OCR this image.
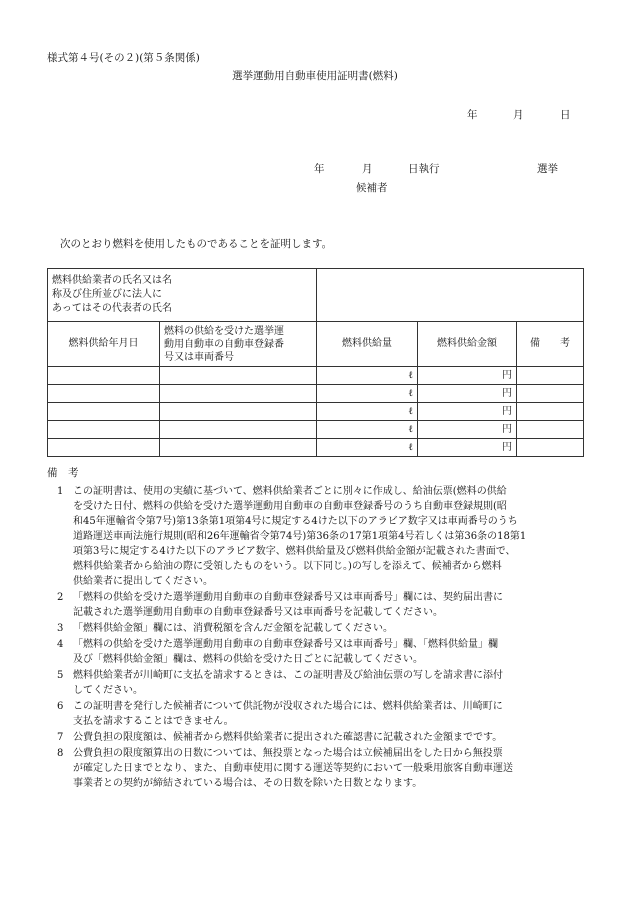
様式第４号(その２)(第５条関係)
選挙運動用自動車使用証明書(燃料)
年	月	日
年	月	日執行	選挙
候補者
次のとおり燃料を使用したものであることを証明します。
燃料供給業者の氏名又は名
称及び住所並びに法人に
あってはその代表者の氏名				
燃料供給年月日	燃料の供給を受けた選挙運
動用自動車の自動車登録番
号又は車両番号	燃料供給量	燃料供給金額	備　　考
		ℓ	円	
		ℓ	円	
		ℓ	円	
		ℓ	円	
		ℓ	円	
備　考
1 この証明書は、使用の実績に基づいて、燃料供給業者ごとに別々に作成し、給油伝票(燃料の供給
を受けた日付、燃料の供給を受けた選挙運動用自動車の自動車登録番号のうち自動車登録規則(昭
和45年運輸省令第7号)第13条第1項第4号に規定する4けた以下のアラビア数字又は車両番号のうち
道路運送車両法施行規則(昭和26年運輸省令第74号)第36条の17第1項第4号若しくは第36条の18第1
項第3号に規定する4けた以下のアラビア数字、燃料供給量及び燃料供給金額が記載された書面で、
燃料供給業者から給油の際に受領したものをいう。以下同じ。)の写しを添えて、候補者から燃料
供給業者に提出してください。
2 「燃料の供給を受けた選挙運動用自動車の自動車登録番号又は車両番号」欄には、契約届出書に
記載された選挙運動用自動車の自動車登録番号又は車両番号を記載してください。
3 「燃料供給金額」欄には、消費税額を含んだ金額を記載してください。
4 「燃料の供給を受けた選挙運動用自動車の自動車登録番号又は車両番号」欄、「燃料供給量」欄
及び「燃料供給金額」欄は、燃料の供給を受けた日ごとに記載してください。
5 燃料供給業者が川崎町に支払を請求するときは、この証明書及び給油伝票の写しを請求書に添付
してください。
6 この証明書を発行した候補者について供託物が没収された場合には、燃料供給業者は、川崎町に
支払を請求することはできません。
7 公費負担の限度額は、候補者から燃料供給業者に提出された確認書に記載された金額までです。
8 公費負担の限度額算出の日数については、無投票となった場合は立候補届出をした日から無投票
が確定した日までとなり、また、自動車使用に関する運送等契約において一般乗用旅客自動車運送
事業者との契約が締結されている場合は、その日数を除いた日数となります。
